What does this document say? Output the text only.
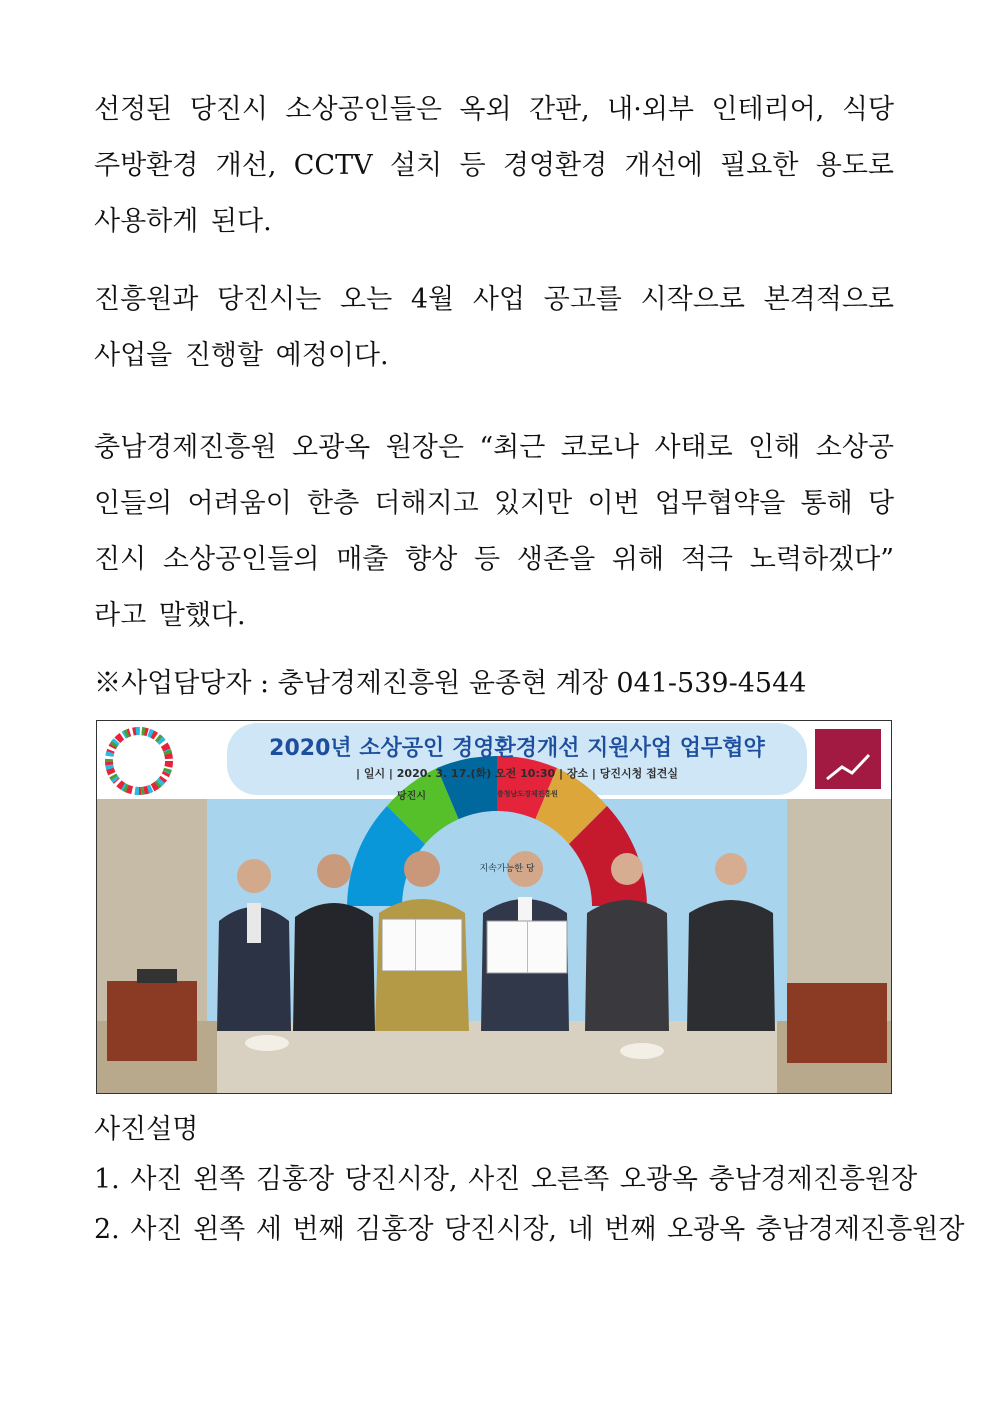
선정된 당진시 소상공인들은 옥외 간판, 내·외부 인테리어, 식당
주방환경 개선, CCTV 설치 등 경영환경 개선에 필요한 용도로
사용하게 된다.

진흥원과 당진시는 오는 4월 사업 공고를 시작으로 본격적으로
사업을 진행할 예정이다.

충남경제진흥원 오광옥 원장은 “최근 코로나 사태로 인해 소상공
인들의 어려움이 한층 더해지고 있지만 이번 업무협약을 통해 당
진시 소상공인들의 매출 향상 등 생존을 위해 적극 노력하겠다”
라고 말했다.

※사업담당자 : 충남경제진흥원 윤종현 계장 041-539-4544
2020년 소상공인 경영환경개선 지원사업 업무협약
| 일시 | 2020. 3. 17.(화) 오전 10:30 | 장소 | 당진시청 접견실
당진시	충청남도경제진흥원
지속가능한 당
사진설명
1. 사진 왼쪽 김홍장 당진시장, 사진 오른쪽 오광옥 충남경제진흥원장
2. 사진 왼쪽 세 번째 김홍장 당진시장, 네 번째 오광옥 충남경제진흥원장
